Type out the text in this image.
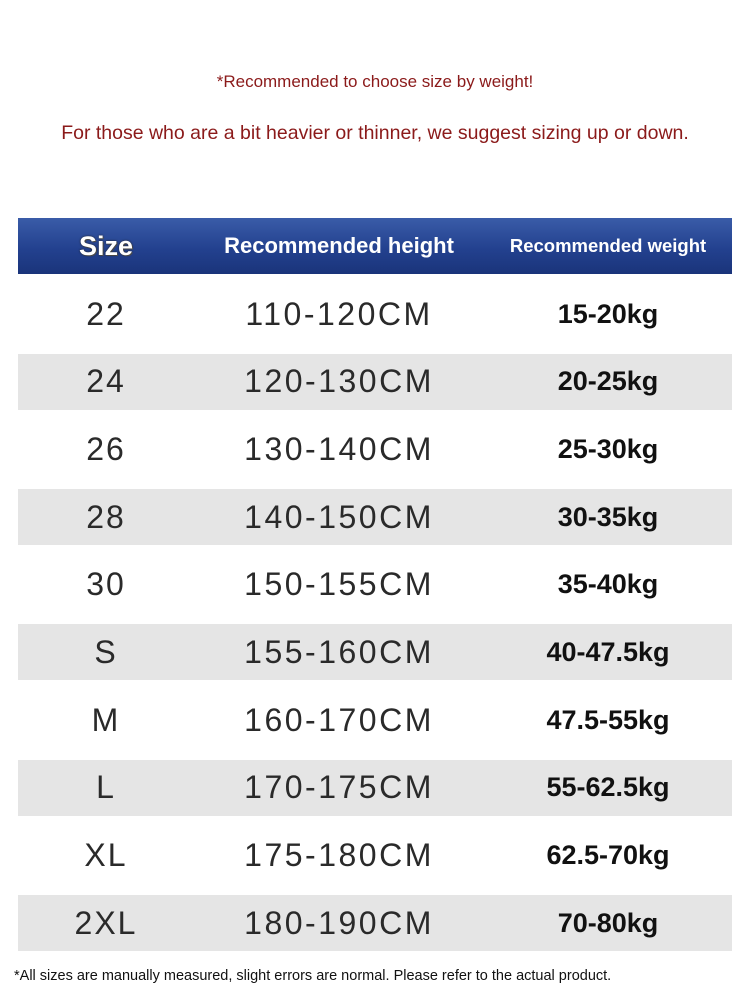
*Recommended to choose size by weight!
For those who are a bit heavier or thinner, we suggest sizing up or down.
Size	Recommended height	Recommended weight
22	110-120CM	15-20kg
24	120-130CM	20-25kg
26	130-140CM	25-30kg
28	140-150CM	30-35kg
30	150-155CM	35-40kg
S	155-160CM	40-47.5kg
M	160-170CM	47.5-55kg
L	170-175CM	55-62.5kg
XL	175-180CM	62.5-70kg
2XL	180-190CM	70-80kg
*All sizes are manually measured, slight errors are normal. Please refer to the actual product.
